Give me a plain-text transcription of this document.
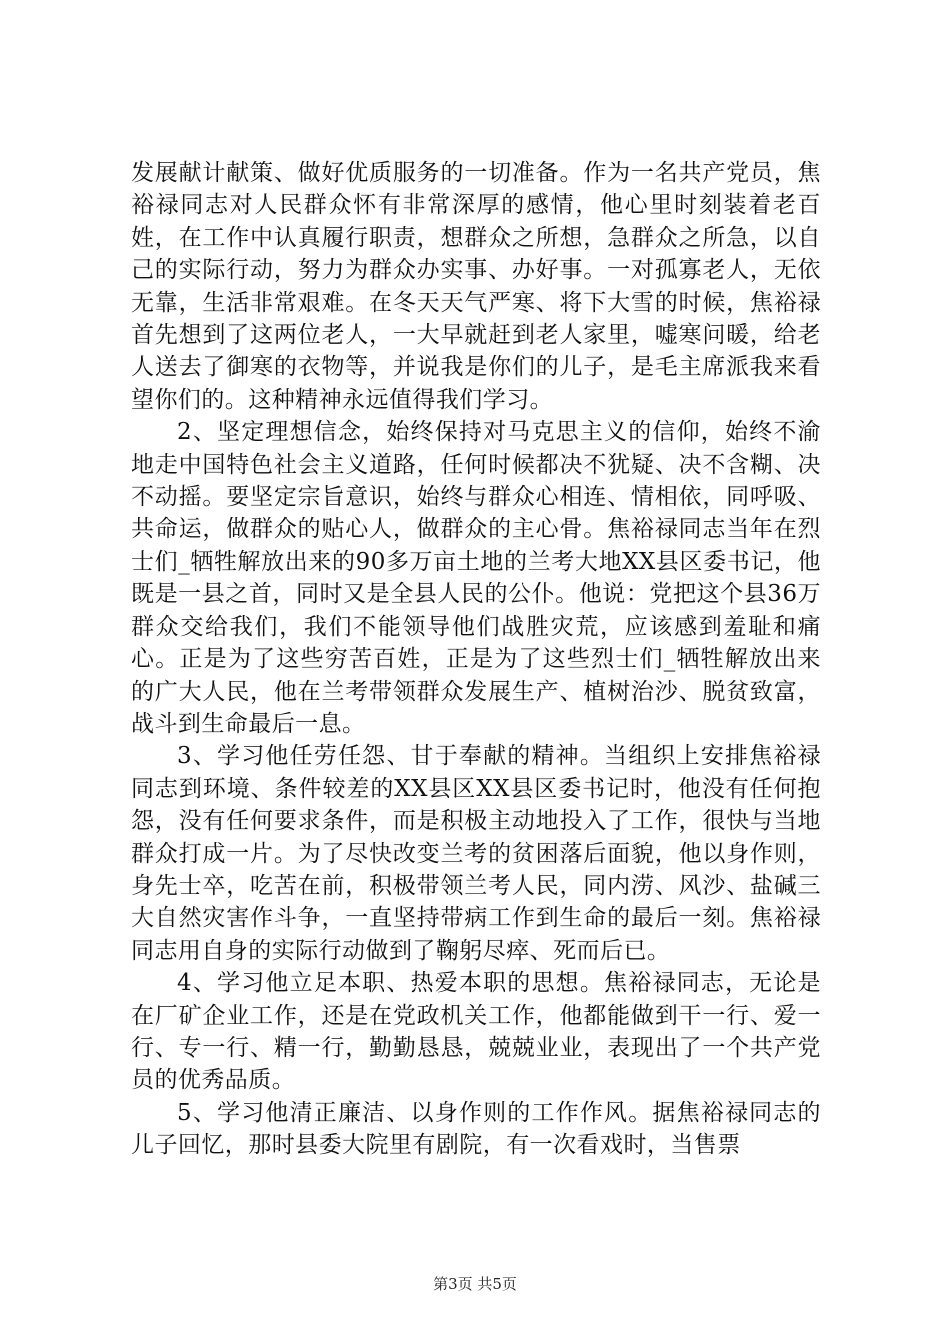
发展献计献策、做好优质服务的一切准备。作为一名共产党员，焦裕禄同志对人民群众怀有非常深厚的感情，他心里时刻装着老百姓，在工作中认真履行职责，想群众之所想，急群众之所急，以自己的实际行动，努力为群众办实事、办好事。一对孤寡老人，无依无靠，生活非常艰难。在冬天天气严寒、将下大雪的时候，焦裕禄首先想到了这两位老人，一大早就赶到老人家里，嘘寒问暖，给老人送去了御寒的衣物等，并说我是你们的儿子，是毛主席派我来看望你们的。这种精神永远值得我们学习。

2、坚定理想信念，始终保持对马克思主义的信仰，始终不渝地走中国特色社会主义道路，任何时候都决不犹疑、决不含糊、决不动摇。要坚定宗旨意识，始终与群众心相连、情相依，同呼吸、共命运，做群众的贴心人，做群众的主心骨。焦裕禄同志当年在烈士们_牺牲解放出来的90多万亩土地的兰考大地XX县区委书记，他既是一县之首，同时又是全县人民的公仆。他说：党把这个县36万群众交给我们，我们不能领导他们战胜灾荒，应该感到羞耻和痛心。正是为了这些穷苦百姓，正是为了这些烈士们_牺牲解放出来的广大人民，他在兰考带领群众发展生产、植树治沙、脱贫致富，战斗到生命最后一息。

3、学习他任劳任怨、甘于奉献的精神。当组织上安排焦裕禄同志到环境、条件较差的XX县区XX县区委书记时，他没有任何抱怨，没有任何要求条件，而是积极主动地投入了工作，很快与当地群众打成一片。为了尽快改变兰考的贫困落后面貌，他以身作则，身先士卒，吃苦在前，积极带领兰考人民，同内涝、风沙、盐碱三大自然灾害作斗争，一直坚持带病工作到生命的最后一刻。焦裕禄同志用自身的实际行动做到了鞠躬尽瘁、死而后已。

4、学习他立足本职、热爱本职的思想。焦裕禄同志，无论是在厂矿企业工作，还是在党政机关工作，他都能做到干一行、爱一行、专一行、精一行，勤勤恳恳，兢兢业业，表现出了一个共产党员的优秀品质。

5、学习他清正廉洁、以身作则的工作作风。据焦裕禄同志的儿子回忆，那时县委大院里有剧院，有一次看戏时，当售票

第3页 共5页
